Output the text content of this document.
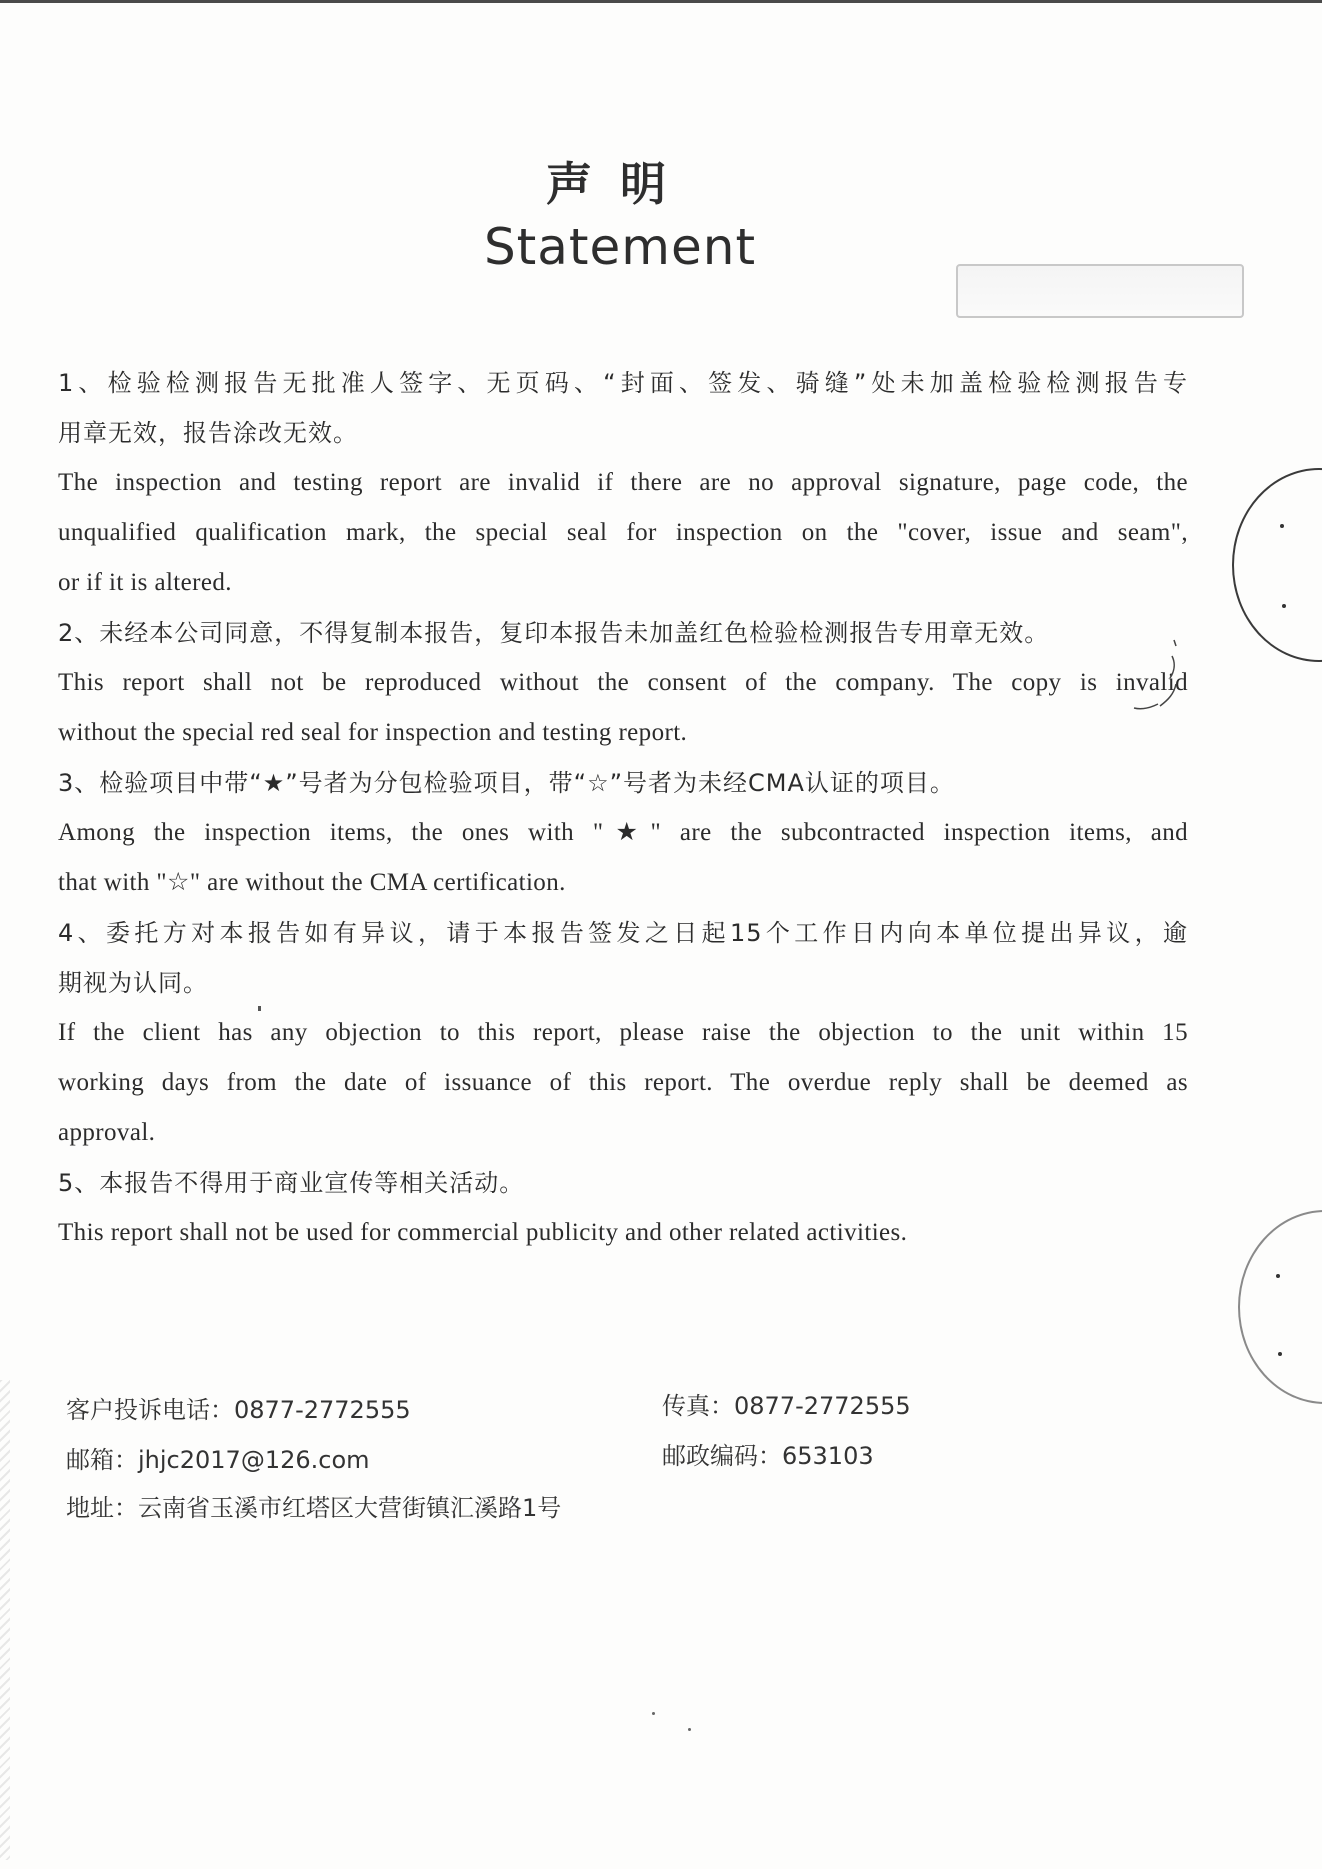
声明
Statement
1、检验检测报告无批准人签字、无页码、“封面、签发、骑缝”处未加盖检验检测报告专
用章无效，报告涂改无效。
The inspection and testing report are invalid if there are no approval signature, page code, the
unqualified qualification mark, the special seal for inspection on the "cover, issue and seam",
or if it is altered.
2、未经本公司同意，不得复制本报告，复印本报告未加盖红色检验检测报告专用章无效。
This report shall not be reproduced without the consent of the company. The copy is invalid
without the special red seal for inspection and testing report.
3、检验项目中带“★”号者为分包检验项目，带“☆”号者为未经CMA认证的项目。
Among the inspection items, the ones with "★" are the subcontracted inspection items, and
that with "☆" are without the CMA certification.
4、委托方对本报告如有异议，请于本报告签发之日起15个工作日内向本单位提出异议，逾
期视为认同。
If the client has any objection to this report, please raise the objection to the unit within 15
working days from the date of issuance of this report. The overdue reply shall be deemed as
approval.
5、本报告不得用于商业宣传等相关活动。
This report shall not be used for commercial publicity and other related activities.
客户投诉电话：0877-2772555	传真：0877-2772555
邮箱：jhjc2017@126.com	邮政编码：653103
地址：云南省玉溪市红塔区大营街镇汇溪路1号
